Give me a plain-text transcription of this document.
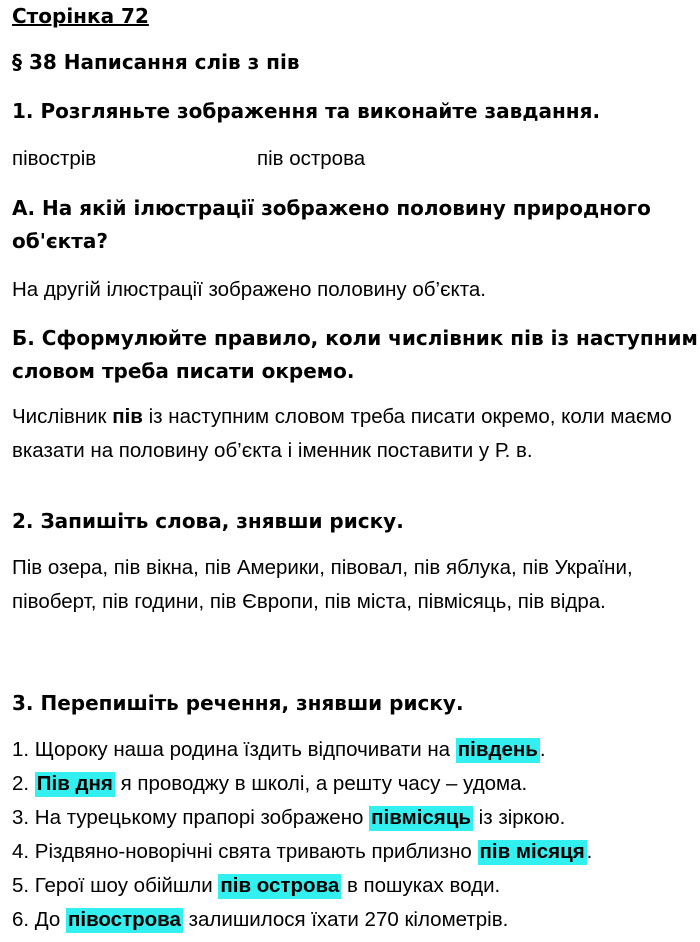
Сторінка 72
§ 38 Написання слів з пів
1. Розгляньте зображення та виконайте завдання.
півострів	пів острова
А. На якій ілюстрації зображено половину природного
об'єкта?
На другій ілюстрації зображено половину об’єкта.
Б. Сформулюйте правило, коли числівник пів із наступним
словом треба писати окремо.
Числівник пів із наступним словом треба писати окремо, коли маємо вказати на половину об’єкта і іменник поставити у Р. в.
2. Запишіть слова, знявши риску.
Пів озера, пів вікна, пів Америки, півовал, пів яблука, пів України, півоберт, пів години, пів Європи, пів міста, півмісяць, пів відра.
3. Перепишіть речення, знявши риску.
1. Щороку наша родина їздить відпочивати на південь.
2. Пів дня я проводжу в школі, а решту часу – удома.
3. На турецькому прапорі зображено півмісяць із зіркою.
4. Різдвяно-новорічні свята тривають приблизно пів місяця.
5. Герої шоу обійшли пів острова в пошуках води.
6. До півострова залишилося їхати 270 кілометрів.
